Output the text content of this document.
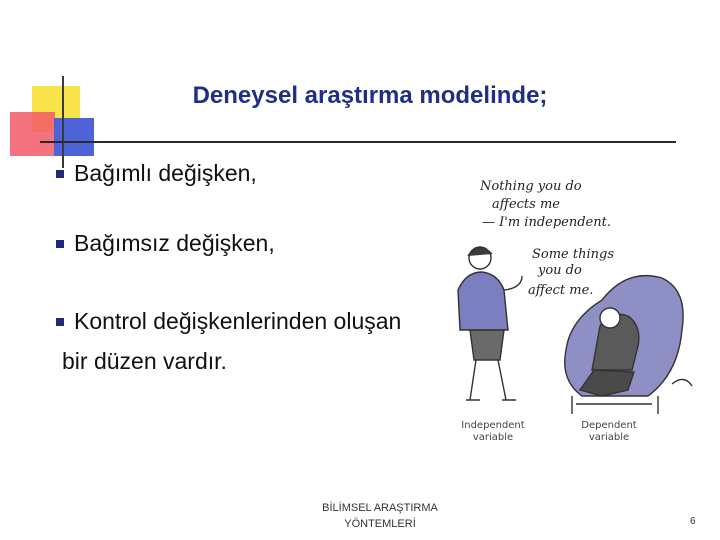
Deneysel araştırma modelinde;
Bağımlı değişken,
Bağımsız değişken,
Kontrol değişkenlerinden oluşan
bir düzen vardır.
Nothing you do
affects me
— I'm independent.
Some things
you do
affect me.
Independent
variable
Dependent
variable
BİLİMSEL ARAŞTIRMA
YÖNTEMLERİ	6
